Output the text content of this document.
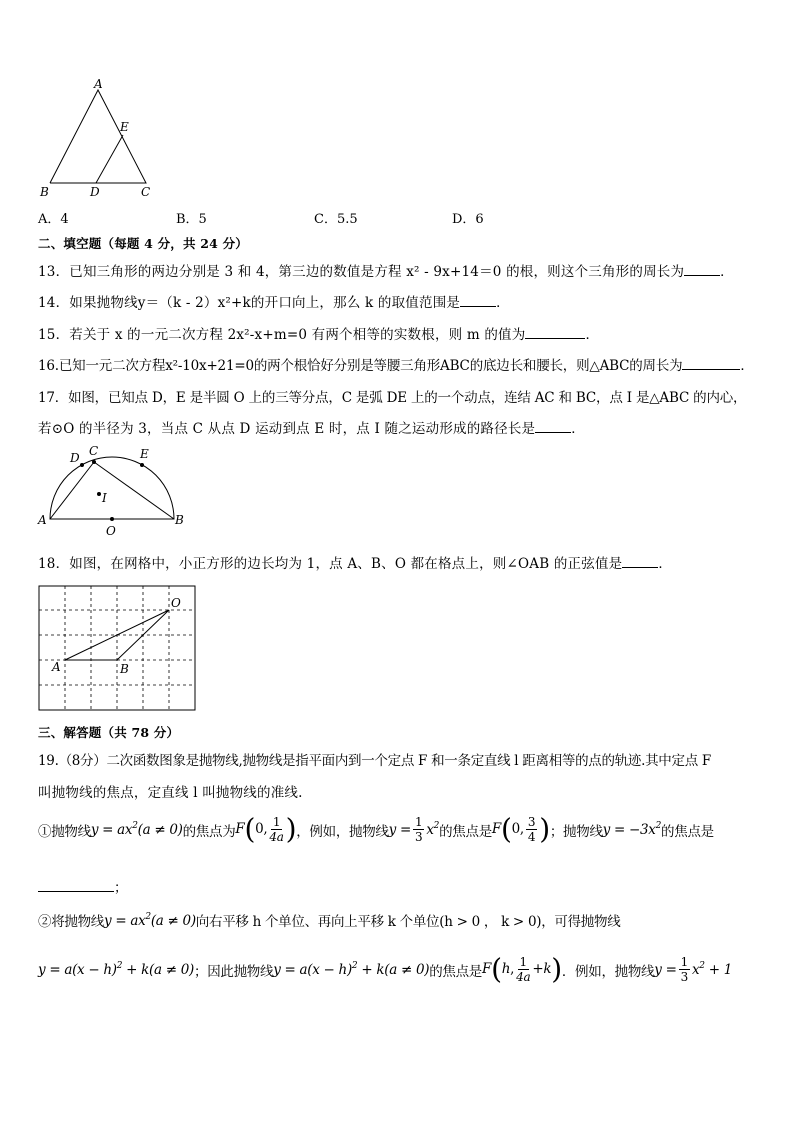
A
E
B	D	C
A．4	B．5	C．5.5	D．6
二、填空题（每题 4 分，共 24 分）
13．已知三角形的两边分别是 3 和 4，第三边的数值是方程 x² - 9x+14＝0 的根，则这个三角形的周长为	．
14．如果抛物线y＝（k - 2）x²+k的开口向上，那么 k 的取值范围是	．
15．若关于 x 的一元二次方程 2x²-x+m=0 有两个相等的实数根，则 m 的值为	．
16.已知一元二次方程x²-10x+21=0的两个根恰好分别是等腰三角形ABC的底边长和腰长，则△ABC的周长为	．
17．如图，已知点 D，E 是半圆 O 上的三等分点，C 是弧 DE 上的一个动点，连结 AC 和 BC，点 I 是△ABC 的内心，
若⊙O 的半径为 3，当点 C 从点 D 运动到点 E 时，点 I 随之运动形成的路径长是	．
D C	E
I
A
O
B
18．如图，在网格中，小正方形的边长均为 1，点 A、B、O 都在格点上，则∠OAB 的正弦值是	．
O
A	B
三、解答题（共 78 分）
19.（8分）二次函数图象是抛物线,抛物线是指平面内到一个定点 F 和一条定直线 l 距离相等的点的轨迹.其中定点 F
叫抛物线的焦点，定直线 l 叫抛物线的准线.
①抛物线 $y = ax^2(a \ne 0)$ 的焦点为 F(0, $\frac{1}{4a}$ ) ，例如，抛物线 $y = \frac{1}{3} x^2$ 的焦点是 F(0, $\frac{3}{4}$ ) ；抛物线 $y = -3x^2$ 的焦点是
；
②将抛物线 $y = ax^2(a \ne 0)$ 向右平移 h 个单位、再向上平移 k 个单位(h > 0 ， k > 0)，可得抛物线
$y = a(x - h)^2 + k(a \ne 0)$ ；因此抛物线 $y = a(x - h)^2 + k(a \ne 0)$ 的焦点是 F(h, $\frac{1}{4a} +k$) ．例如，抛物线 $y = \frac{1}{3} x^2 + 1$
